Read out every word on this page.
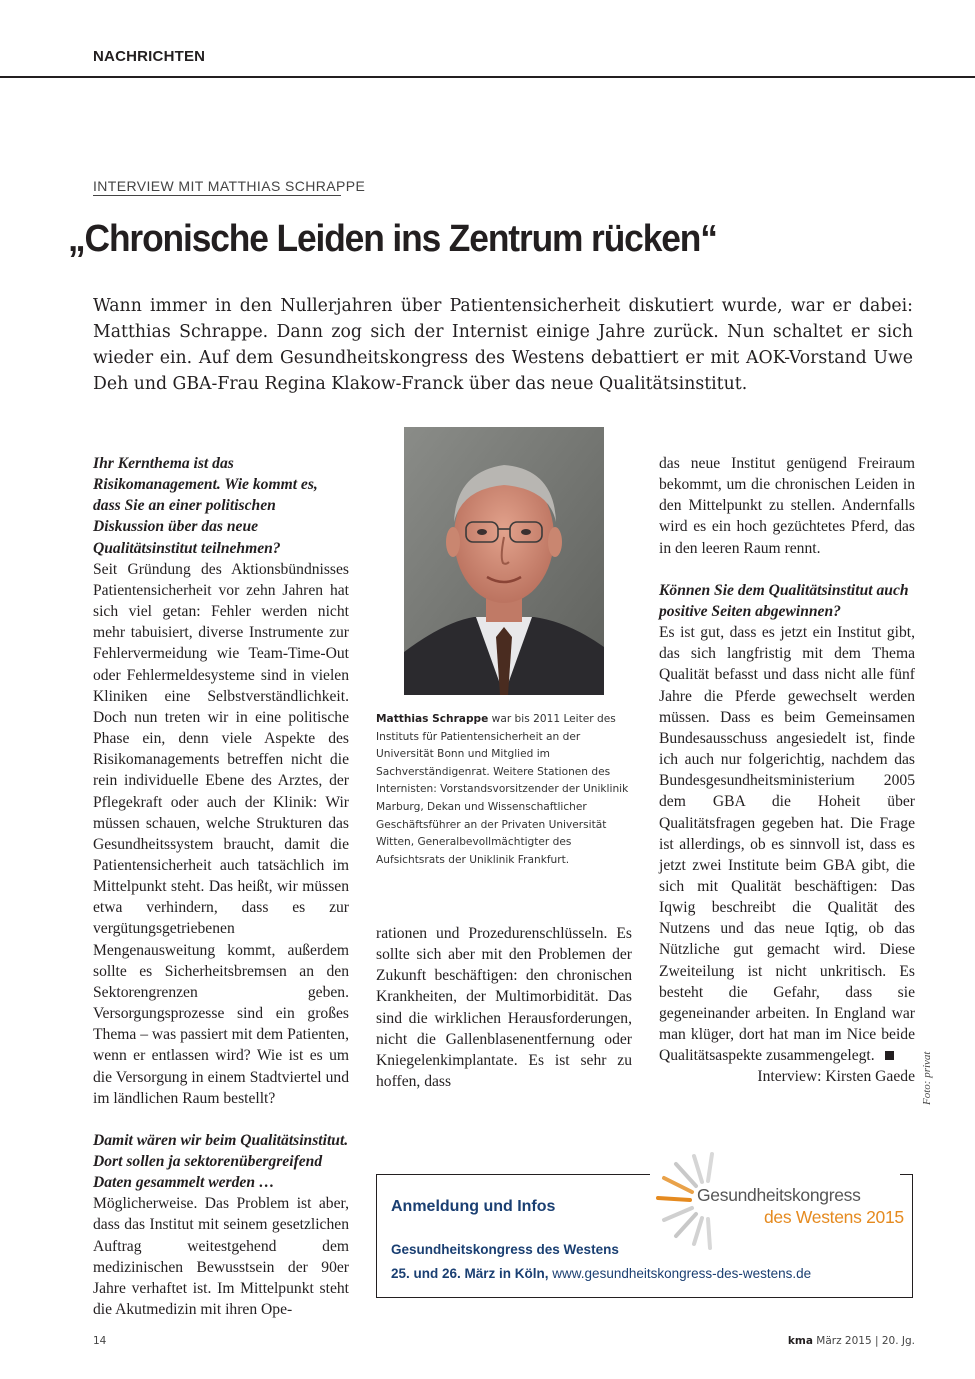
NACHRICHTEN
INTERVIEW MIT MATTHIAS SCHRAPPE
„Chronische Leiden ins Zentrum rücken“
Wann immer in den Nullerjahren über Patientensicherheit diskutiert wurde, war er dabei: Matthias Schrappe. Dann zog sich der Internist einige Jahre zurück. Nun schaltet er sich wieder ein. Auf dem Gesundheitskongress des Westens debattiert er mit AOK-Vorstand Uwe Deh und GBA-Frau Regina Klakow-Franck über das neue Qualitätsinstitut.

Ihr Kernthema ist das Risikomanagement. Wie kommt es, dass Sie an einer politischen Diskussion über das neue Qualitätsinstitut teilnehmen?

Seit Gründung des Aktionsbündnisses Patientensicherheit vor zehn Jahren hat sich viel getan: Fehler werden nicht mehr tabuisiert, diverse Instrumente zur Fehlervermeidung wie Team-Time-Out oder Fehlermeldesysteme sind in vielen Kliniken eine Selbstverständlichkeit. Doch nun treten wir in eine politische Phase ein, denn viele Aspekte des Risikomanagements betreffen nicht die rein individuelle Ebene des Arztes, der Pflegekraft oder auch der Klinik: Wir müssen schauen, welche Strukturen das Gesundheitssystem braucht, damit die Patientensicherheit auch tatsächlich im Mittelpunkt steht. Das heißt, wir müssen etwa verhindern, dass es zur vergütungsgetriebenen Mengenausweitung kommt, außerdem sollte es Sicherheitsbremsen an den Sektorengrenzen geben. Versorgungsprozesse sind ein großes Thema – was passiert mit dem Patienten, wenn er entlassen wird? Wie ist es um die Versorgung in einem Stadtviertel und im ländlichen Raum bestellt?

Damit wären wir beim Qualitätsinstitut. Dort sollen ja sektorenübergreifend Daten gesammelt werden …

Möglicherweise. Das Problem ist aber, dass das Institut mit seinem gesetzlichen Auftrag weitestgehend dem medizinischen Bewusstsein der 90er Jahre verhaftet ist. Im Mittelpunkt steht die Akutmedizin mit ihren Ope-

Matthias Schrappe war bis 2011 Leiter des Instituts für Patientensicherheit an der Universität Bonn und Mitglied im Sachverständigenrat. Weitere Stationen des Internisten: Vorstandsvorsitzender der Uniklinik Marburg, Dekan und Wissenschaftlicher Geschäftsführer an der Privaten Universität Witten, Generalbevollmächtigter des Aufsichtsrats der Uniklinik Frankfurt.

rationen und Prozedurenschlüsseln. Es sollte sich aber mit den Problemen der Zukunft beschäftigen: den chronischen Krankheiten, der Multimorbidität. Das sind die wirklichen Herausforderungen, nicht die Gallenblasenentfernung oder Kniegelenkimplantate. Es ist sehr zu hoffen, dass

das neue Institut genügend Freiraum bekommt, um die chronischen Leiden in den Mittelpunkt zu stellen. Andernfalls wird es ein hoch gezüchtetes Pferd, das in den leeren Raum rennt.

Können Sie dem Qualitätsinstitut auch positive Seiten abgewinnen?

Es ist gut, dass es jetzt ein Institut gibt, das sich langfristig mit dem Thema Qualität befasst und dass nicht alle fünf Jahre die Pferde gewechselt werden müssen. Dass es beim Gemeinsamen Bundesausschuss angesiedelt ist, finde ich auch nur folgerichtig, nachdem das Bundesgesundheitsministerium 2005 dem GBA die Hoheit über Qualitätsfragen gegeben hat. Die Frage ist allerdings, ob es sinnvoll ist, dass es jetzt zwei Institute beim GBA gibt, die sich mit Qualität beschäftigen: Das Iqwig beschreibt die Qualität des Nutzens und das neue Iqtig, ob das Nützliche gut gemacht wird. Diese Zweiteilung ist nicht unkritisch. Es besteht die Gefahr, dass sie gegeneinander arbeiten. In England war man klüger, dort hat man im Nice beide Qualitätsaspekte zusammengelegt.

Interview: Kirsten Gaede Foto: privat
Anmeldung und Infos
Gesundheitskongress des Westens
25. und 26. März in Köln, www.gesundheitskongress-des-westens.de
Gesundheitskongress
des Westens 2015
14	kma März 2015 | 20. Jg.
